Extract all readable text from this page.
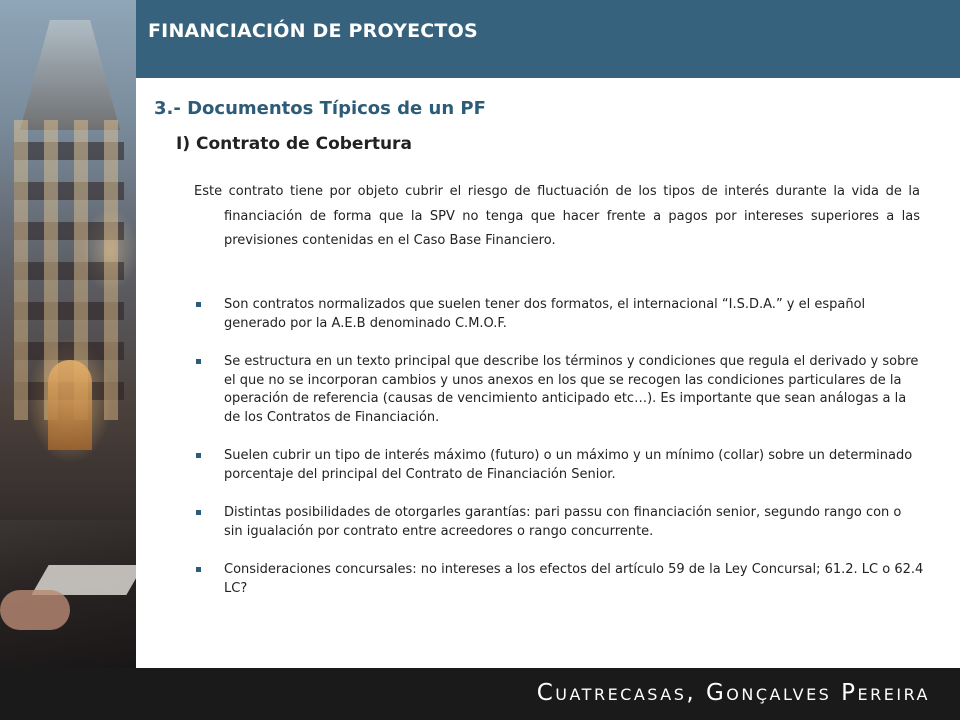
FINANCIACIÓN DE PROYECTOS
3.- Documentos Típicos de un PF
I) Contrato de Cobertura
Este contrato tiene por objeto cubrir el riesgo de fluctuación de los tipos de interés durante la vida de la financiación de forma que la SPV no tenga que hacer frente a pagos por intereses superiores a las previsiones contenidas en el Caso Base Financiero.
Son contratos normalizados que suelen tener dos formatos, el internacional “I.S.D.A.” y el español generado por la A.E.B denominado C.M.O.F.
Se estructura en un texto principal que describe los términos y condiciones que regula el derivado y sobre el que no se incorporan cambios y unos anexos en los que se recogen las condiciones particulares de la operación de referencia (causas de vencimiento anticipado etc…). Es importante que sean análogas a la de los Contratos de Financiación.
Suelen cubrir un tipo de interés máximo (futuro) o un máximo y un mínimo (collar) sobre un determinado porcentaje del principal del Contrato de Financiación Senior.
Distintas posibilidades de otorgarles garantías: pari passu con financiación senior, segundo rango con o sin igualación por contrato entre acreedores o rango concurrente.
Consideraciones concursales: no intereses a los efectos del artículo 59 de la Ley Concursal; 61.2. LC o 62.4 LC?
Cuatrecasas, Gonçalves Pereira
